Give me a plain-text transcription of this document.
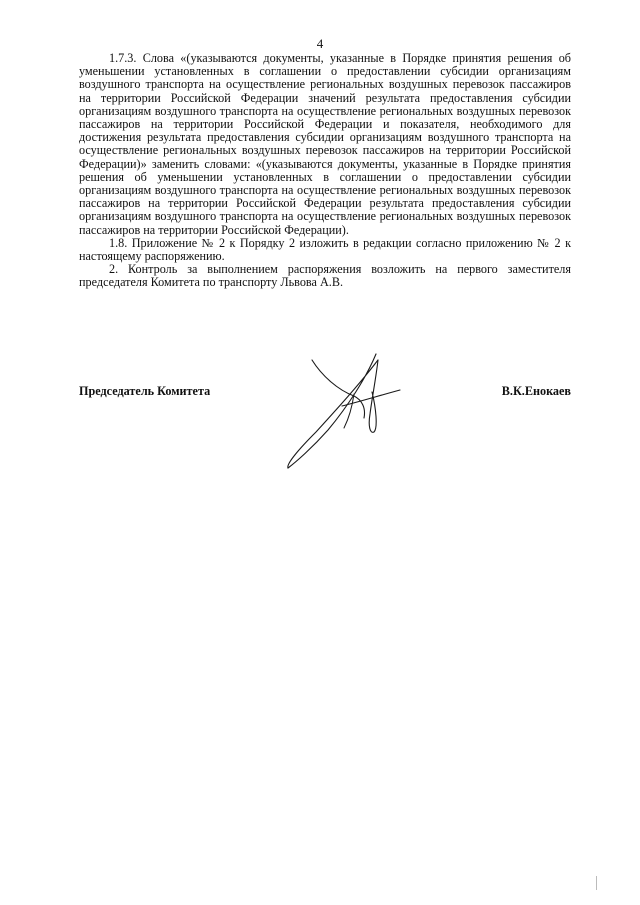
4

1.7.3. Слова «(указываются документы, указанные в Порядке принятия решения об уменьшении установленных в соглашении о предоставлении субсидии организациям воздушного транспорта на осуществление региональных воздушных перевозок пассажиров на территории Российской Федерации значений результата предоставления субсидии организациям воздушного транспорта на осуществление региональных воздушных перевозок пассажиров на территории Российской Федерации и показателя, необходимого для достижения результата предоставления субсидии организациям воздушного транспорта на осуществление региональных воздушных перевозок пассажиров на территории Российской Федерации)» заменить словами: «(указываются документы, указанные в Порядке принятия решения об уменьшении установленных в соглашении о предоставлении субсидии организациям воздушного транспорта на осуществление региональных воздушных перевозок пассажиров на территории Российской Федерации результата предоставления субсидии организациям воздушного транспорта на осуществление региональных воздушных перевозок пассажиров на территории Российской Федерации).

1.8. Приложение № 2 к Порядку 2 изложить в редакции согласно приложению № 2 к настоящему распоряжению.

2. Контроль за выполнением распоряжения возложить на первого заместителя председателя Комитета по транспорту Львова А.В.

Председатель Комитета	В.К.Енокаев
